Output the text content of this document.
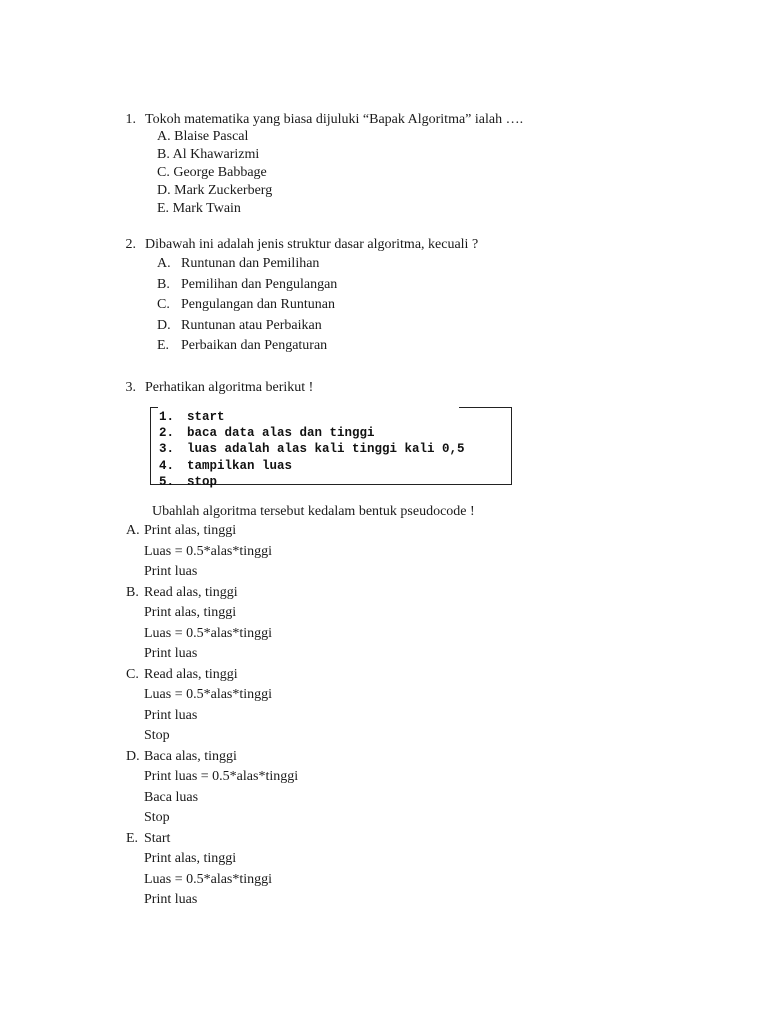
1. Tokoh matematika yang biasa dijuluki “Bapak Algoritma” ialah ….
A. Blaise Pascal
B. Al Khawarizmi
C. George Babbage
D. Mark Zuckerberg
E. Mark Twain
2. Dibawah ini adalah jenis struktur dasar algoritma, kecuali ?
A. Runtunan dan Pemilihan
B. Pemilihan dan Pengulangan
C. Pengulangan dan Runtunan
D. Runtunan atau Perbaikan
E. Perbaikan dan Pengaturan
3. Perhatikan algoritma berikut !
1. start
2. baca data alas dan tinggi
3. luas adalah alas kali tinggi kali 0,5
4. tampilkan luas
5. stop
Ubahlah algoritma tersebut kedalam bentuk pseudocode !
A. Print alas, tinggi
Luas = 0.5*alas*tinggi
Print luas
B. Read alas, tinggi
Print alas, tinggi
Luas = 0.5*alas*tinggi
Print luas
C. Read alas, tinggi
Luas = 0.5*alas*tinggi
Print luas
Stop
D. Baca alas, tinggi
Print luas = 0.5*alas*tinggi
Baca luas
Stop
E. Start
Print alas, tinggi
Luas = 0.5*alas*tinggi
Print luas
